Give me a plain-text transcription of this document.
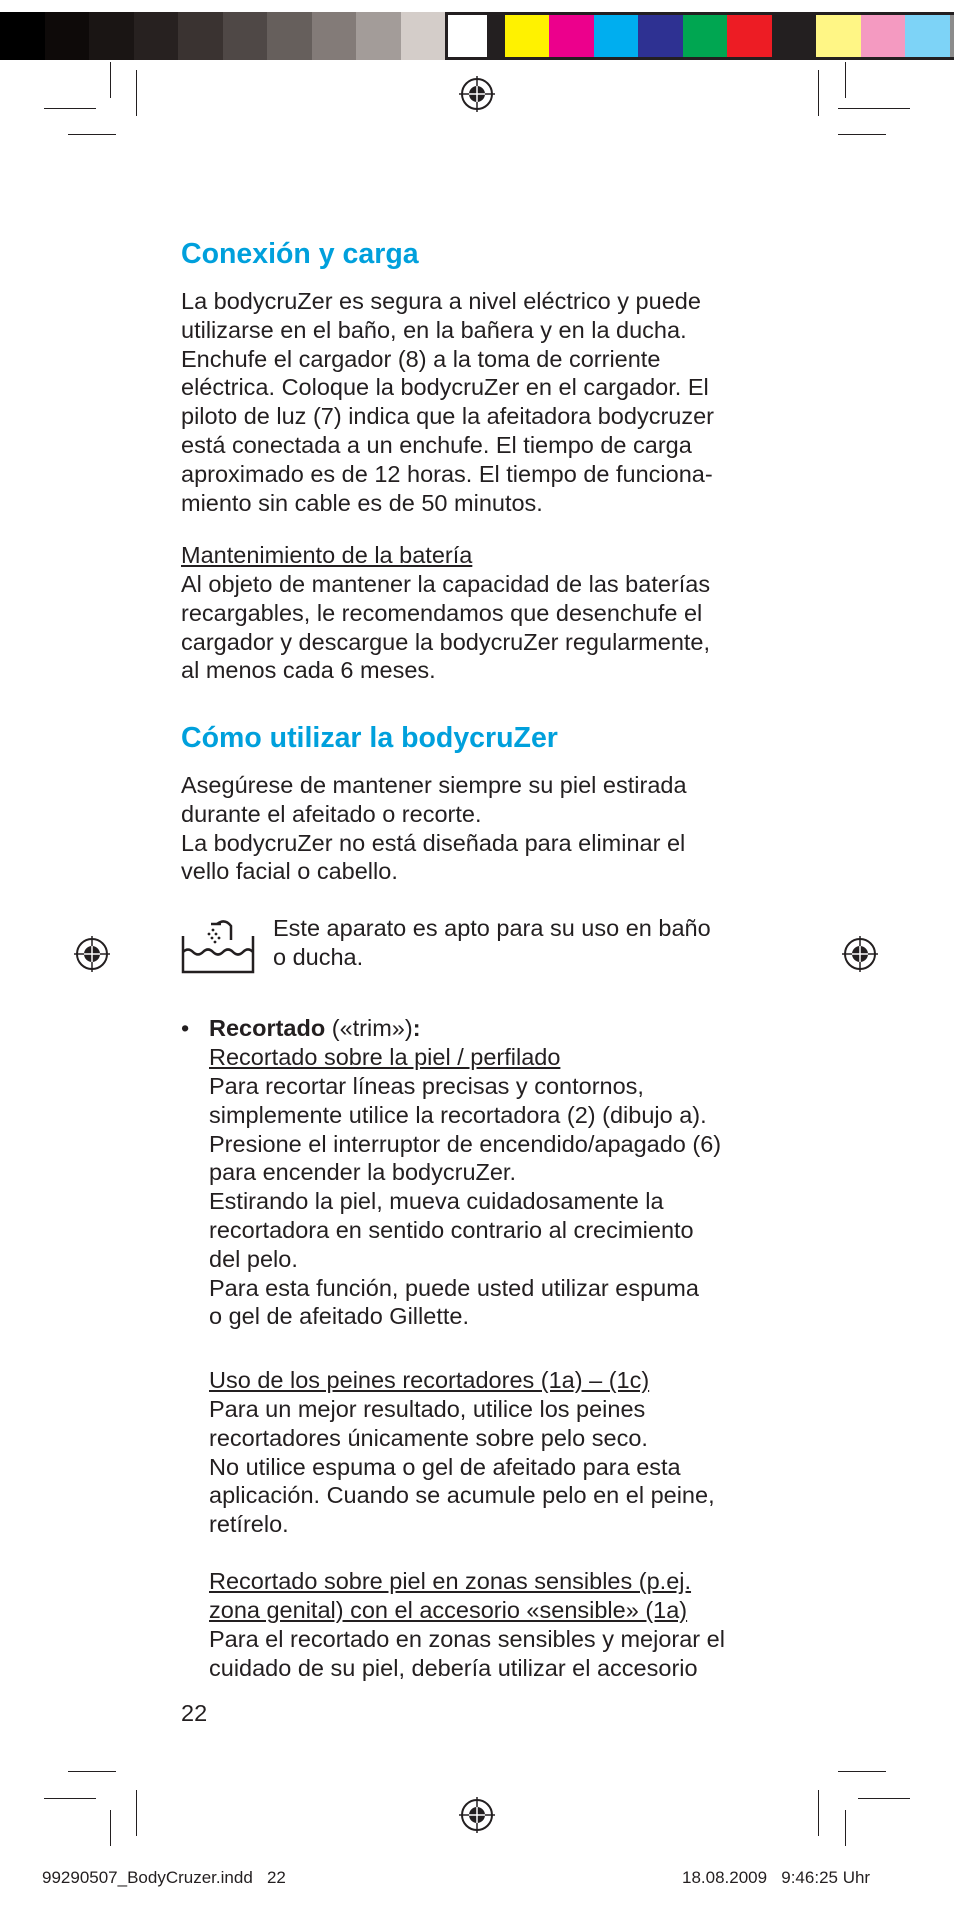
Conexión y carga
La bodycruZer es segura a nivel eléctrico y puede
utilizarse en el baño, en la bañera y en la ducha.
Enchufe el cargador (8) a la toma de corriente
eléctrica. Coloque la bodycruZer en el cargador. El
piloto de luz (7) indica que la afeitadora bodycruzer
está conectada a un enchufe. El tiempo de carga
aproximado es de 12 horas. El tiempo de funciona-
miento sin cable es de 50 minutos.
Mantenimiento de la batería
Al objeto de mantener la capacidad de las baterías
recargables, le recomendamos que desenchufe el
cargador y descargue la bodycruZer regularmente,
al menos cada 6 meses.
Cómo utilizar la bodycruZer
Asegúrese de mantener siempre su piel estirada
durante el afeitado o recorte.
La bodycruZer no está diseñada para eliminar el
vello facial o cabello.
Este aparato es apto para su uso en baño
o ducha.
• Recortado («trim»):
Recortado sobre la piel / perfilado
Para recortar líneas precisas y contornos,
simplemente utilice la recortadora (2) (dibujo a).
Presione el interruptor de encendido/apagado (6)
para encender la bodycruZer.
Estirando la piel, mueva cuidadosamente la
recortadora en sentido contrario al crecimiento
del pelo.
Para esta función, puede usted utilizar espuma
o gel de afeitado Gillette.
Uso de los peines recortadores (1a) – (1c)
Para un mejor resultado, utilice los peines
recortadores únicamente sobre pelo seco.
No utilice espuma o gel de afeitado para esta
aplicación. Cuando se acumule pelo en el peine,
retírelo.
Recortado sobre piel en zonas sensibles (p.ej.
zona genital) con el accesorio «sensible» (1a)
Para el recortado en zonas sensibles y mejorar el
cuidado de su piel, debería utilizar el accesorio
22
99290507_BodyCruzer.indd   22	18.08.2009   9:46:25 Uhr
